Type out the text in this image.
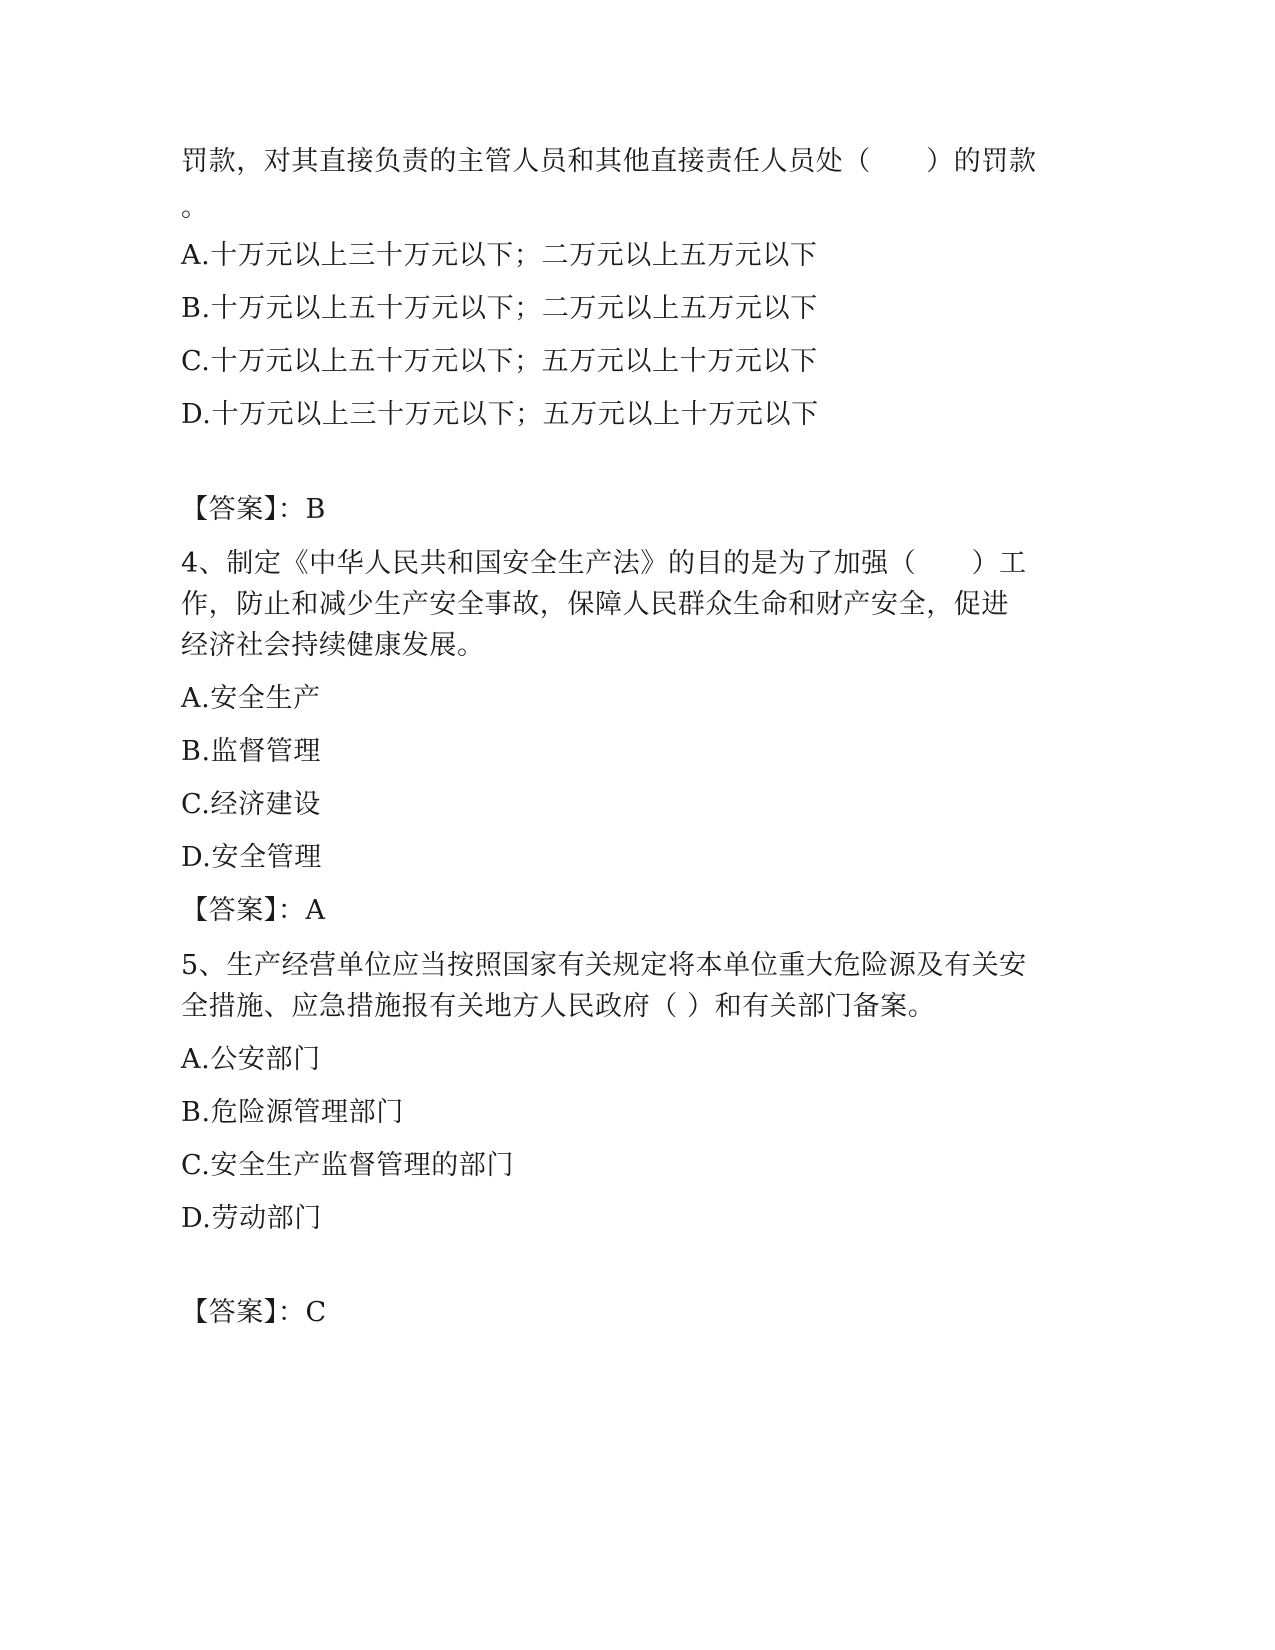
罚款，对其直接负责的主管人员和其他直接责任人员处（　　）的罚款
。
A.十万元以上三十万元以下；二万元以上五万元以下
B.十万元以上五十万元以下；二万元以上五万元以下
C.十万元以上五十万元以下；五万元以上十万元以下
D.十万元以上三十万元以下；五万元以上十万元以下
【答案】：B
4、制定《中华人民共和国安全生产法》的目的是为了加强（　　）工
作，防止和减少生产安全事故，保障人民群众生命和财产安全，促进
经济社会持续健康发展。
A.安全生产
B.监督管理
C.经济建设
D.安全管理
【答案】：A
5、生产经营单位应当按照国家有关规定将本单位重大危险源及有关安
全措施、应急措施报有关地方人民政府（ ）和有关部门备案。
A.公安部门
B.危险源管理部门
C.安全生产监督管理的部门
D.劳动部门
【答案】：C
